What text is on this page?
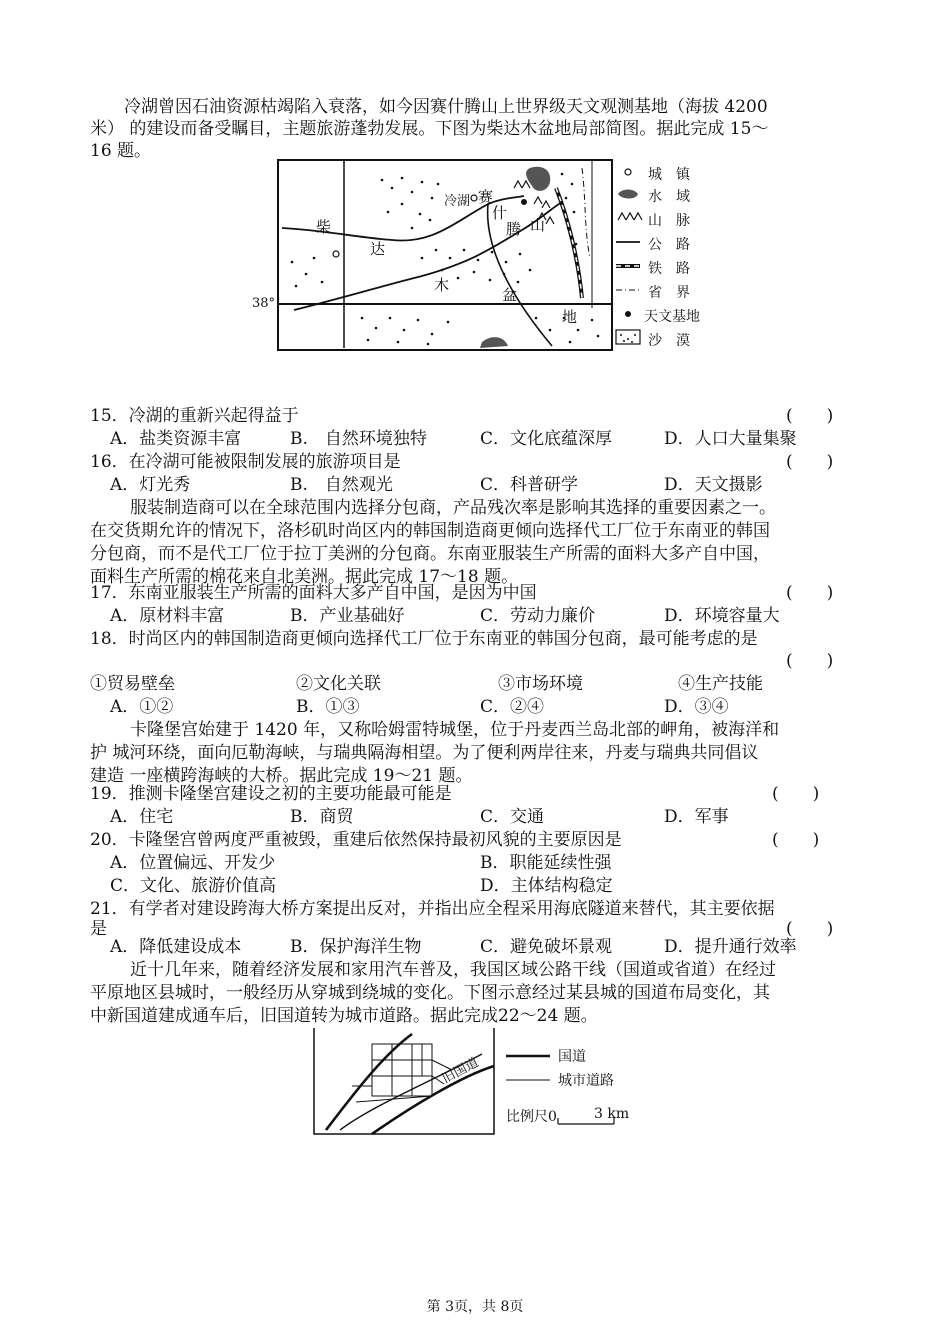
冷湖曾因石油资源枯竭陷入衰落，如今因赛什腾山上世界级天文观测基地（海拔 4200
米） 的建设而备受瞩目，主题旅游蓬勃发展。下图为柴达木盆地局部简图。据此完成 15～
16 题。
柴
达
木
盆
地
冷湖 赛
什
腾 山
38°
城　镇
水　域
山　脉
公　路
铁　路
省　界
天文基地
沙　漠
15．冷湖的重新兴起得益于	(　　)
A．盐类资源丰富	B.　自然环境独特	C．文化底蕴深厚	D．人口大量集聚
16．在冷湖可能被限制发展的旅游项目是	(　　)
A．灯光秀	B.　自然观光	C．科普研学	D．天文摄影
服装制造商可以在全球范围内选择分包商，产品残次率是影响其选择的重要因素之一。
在交货期允许的情况下，洛杉矶时尚区内的韩国制造商更倾向选择代工厂位于东南亚的韩国
分包商，而不是代工厂位于拉丁美洲的分包商。东南亚服装生产所需的面料大多产自中国，
面料生产所需的棉花来自北美洲。据此完成 17～18 题。
17．东南亚服装生产所需的面料大多产自中国，是因为中国	(　　)
A．原材料丰富	B．产业基础好	C．劳动力廉价	D．环境容量大
18．时尚区内的韩国制造商更倾向选择代工厂位于东南亚的韩国分包商，最可能考虑的是
(　　)
①贸易壁垒	②文化关联	③市场环境	④生产技能
A．①②	B．①③	C．②④	D．③④
卡隆堡宫始建于 1420 年，又称哈姆雷特城堡，位于丹麦西兰岛北部的岬角，被海洋和
护 城河环绕，面向厄勒海峡，与瑞典隔海相望。为了便利两岸往来，丹麦与瑞典共同倡议
建造 一座横跨海峡的大桥。据此完成 19～21 题。
19．推测卡隆堡宫建设之初的主要功能最可能是	(　　)
A．住宅	B．商贸	C．交通	D．军事
20．卡隆堡宫曾两度严重被毁，重建后依然保持最初风貌的主要原因是	(　　)
A．位置偏远、开发少	B．职能延续性强
C．文化、旅游价值高	D．主体结构稳定
21．有学者对建设跨海大桥方案提出反对，并指出应全程采用海底隧道来替代，其主要依据
是	(　　)
A．降低建设成本	B．保护海洋生物	C．避免破坏景观	D．提升通行效率
近十几年来，随着经济发展和家用汽车普及，我国区域公路干线（国道或省道）在经过
平原地区县城时，一般经历从穿城到绕城的变化。下图示意经过某县城的国道布局变化，其
中新国道建成通车后，旧国道转为城市道路。据此完成22～24 题。
旧国道	国道
城市道路
比例尺0	3 km
第 3页，共 8页
